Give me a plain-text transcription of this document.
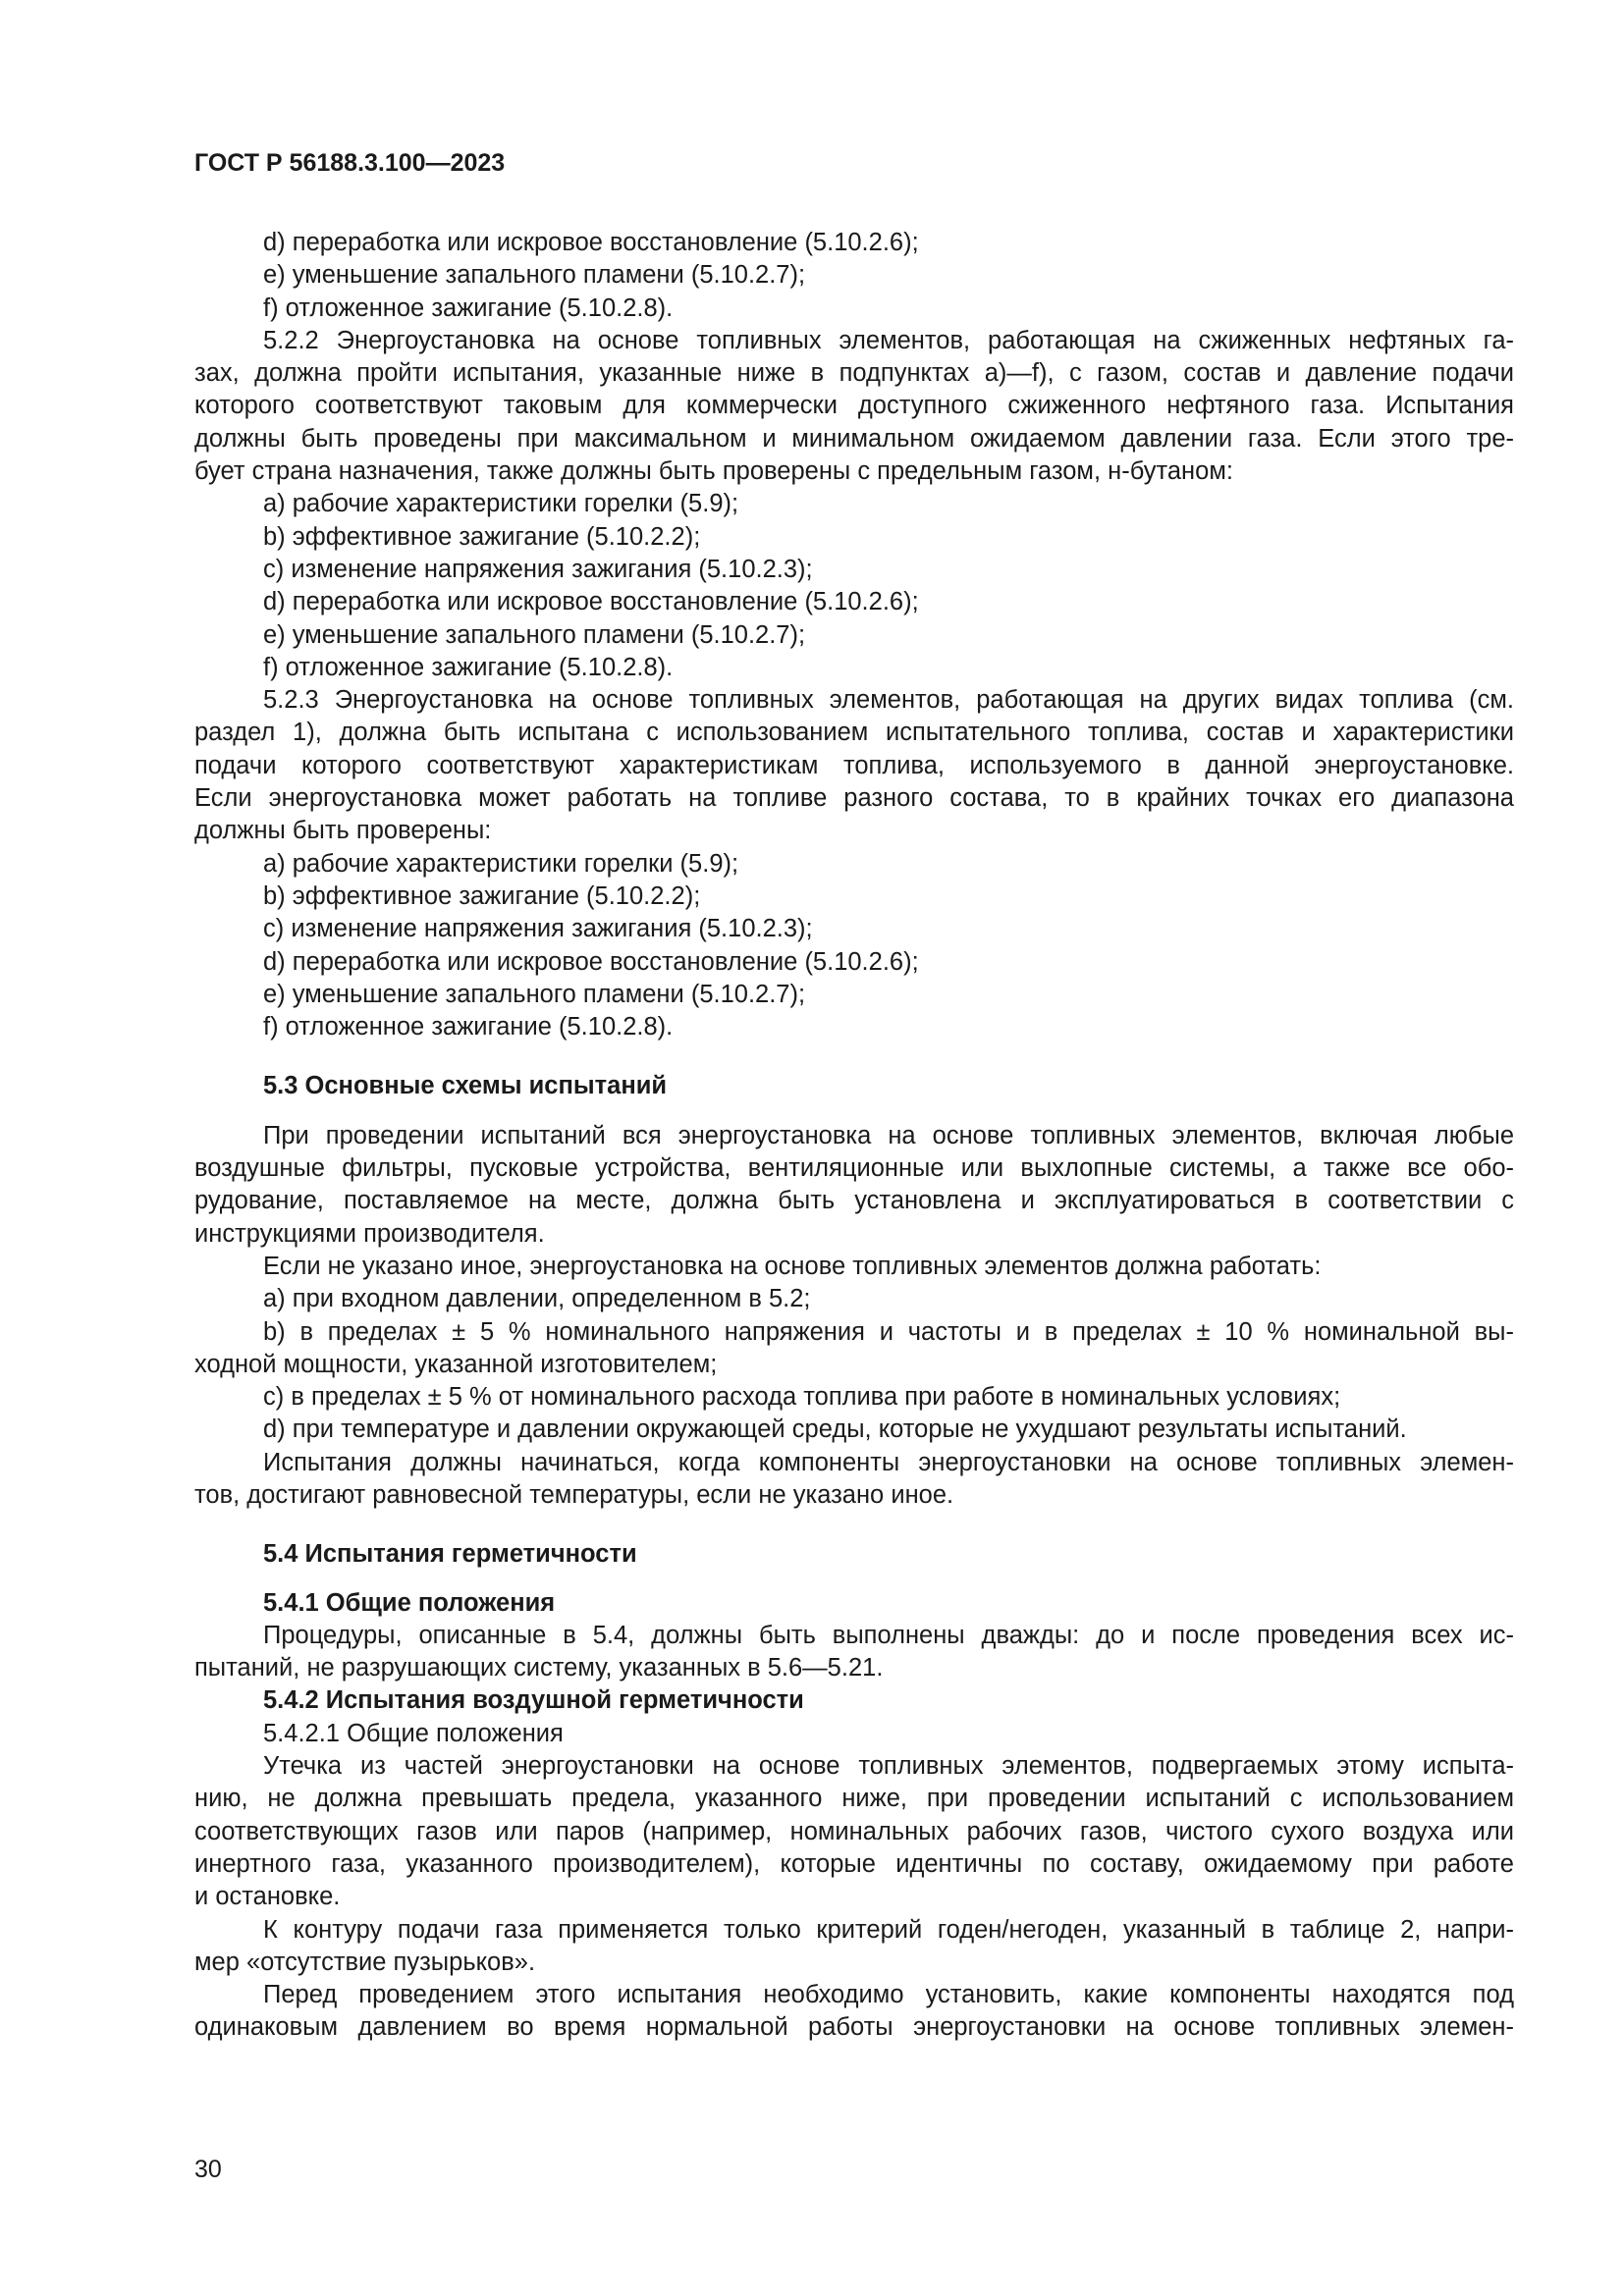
ГОСТ Р 56188.3.100—2023

d) переработка или искровое восстановление (5.10.2.6);

e) уменьшение запального пламени (5.10.2.7);

f) отложенное зажигание (5.10.2.8).

5.2.2 Энергоустановка на основе топливных элементов, работающая на сжиженных нефтяных га-

зах, должна пройти испытания, указанные ниже в подпунктах a)—f), с газом, состав и давление подачи

которого соответствуют таковым для коммерчески доступного сжиженного нефтяного газа. Испытания

должны быть проведены при максимальном и минимальном ожидаемом давлении газа. Если этого тре-

бует страна назначения, также должны быть проверены с предельным газом, н-бутаном:

a) рабочие характеристики горелки (5.9);

b) эффективное зажигание (5.10.2.2);

c) изменение напряжения зажигания (5.10.2.3);

d) переработка или искровое восстановление (5.10.2.6);

e) уменьшение запального пламени (5.10.2.7);

f) отложенное зажигание (5.10.2.8).

5.2.3 Энергоустановка на основе топливных элементов, работающая на других видах топлива (см.

раздел 1), должна быть испытана с использованием испытательного топлива, состав и характеристики

подачи которого соответствуют характеристикам топлива, используемого в данной энергоустановке.

Если энергоустановка может работать на топливе разного состава, то в крайних точках его диапазона

должны быть проверены:

a) рабочие характеристики горелки (5.9);

b) эффективное зажигание (5.10.2.2);

c) изменение напряжения зажигания (5.10.2.3);

d) переработка или искровое восстановление (5.10.2.6);

e) уменьшение запального пламени (5.10.2.7);

f) отложенное зажигание (5.10.2.8).

5.3 Основные схемы испытаний

При проведении испытаний вся энергоустановка на основе топливных элементов, включая любые

воздушные фильтры, пусковые устройства, вентиляционные или выхлопные системы, а также все обо-

рудование, поставляемое на месте, должна быть установлена и эксплуатироваться в соответствии с

инструкциями производителя.

Если не указано иное, энергоустановка на основе топливных элементов должна работать:

a) при входном давлении, определенном в 5.2;

b) в пределах ± 5 % номинального напряжения и частоты и в пределах ± 10 % номинальной вы-

ходной мощности, указанной изготовителем;

c) в пределах ± 5 % от номинального расхода топлива при работе в номинальных условиях;

d) при температуре и давлении окружающей среды, которые не ухудшают результаты испытаний.

Испытания должны начинаться, когда компоненты энергоустановки на основе топливных элемен-

тов, достигают равновесной температуры, если не указано иное.

5.4 Испытания герметичности

5.4.1 Общие положения

Процедуры, описанные в 5.4, должны быть выполнены дважды: до и после проведения всех ис-

пытаний, не разрушающих систему, указанных в 5.6—5.21.

5.4.2 Испытания воздушной герметичности

5.4.2.1 Общие положения

Утечка из частей энергоустановки на основе топливных элементов, подвергаемых этому испыта-

нию, не должна превышать предела, указанного ниже, при проведении испытаний с использованием

соответствующих газов или паров (например, номинальных рабочих газов, чистого сухого воздуха или

инертного газа, указанного производителем), которые идентичны по составу, ожидаемому при работе

и остановке.

К контуру подачи газа применяется только критерий годен/негоден, указанный в таблице 2, напри-

мер «отсутствие пузырьков».

Перед проведением этого испытания необходимо установить, какие компоненты находятся под

одинаковым давлением во время нормальной работы энергоустановки на основе топливных элемен-

30
